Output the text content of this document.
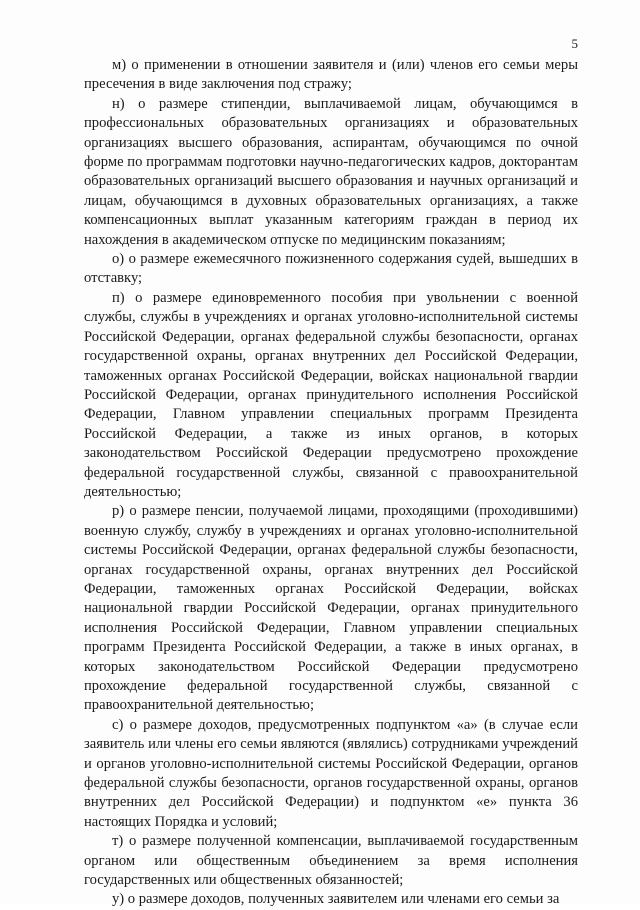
5

м) о применении в отношении заявителя и (или) членов его семьи меры пресечения в виде заключения под стражу;

н) о размере стипендии, выплачиваемой лицам, обучающимся в профессиональных образовательных организациях и образовательных организациях высшего образования, аспирантам, обучающимся по очной форме по программам подготовки научно-педагогических кадров, докторантам образовательных организаций высшего образования и научных организаций и лицам, обучающимся в духовных образовательных организациях, а также компенсационных выплат указанным категориям граждан в период их нахождения в академическом отпуске по медицинским показаниям;

о) о размере ежемесячного пожизненного содержания судей, вышедших в отставку;

п) о размере единовременного пособия при увольнении с военной службы, службы в учреждениях и органах уголовно-исполнительной системы Российской Федерации, органах федеральной службы безопасности, органах государственной охраны, органах внутренних дел Российской Федерации, таможенных органах Российской Федерации, войсках национальной гвардии Российской Федерации, органах принудительного исполнения Российской Федерации, Главном управлении специальных программ Президента Российской Федерации, а также из иных органов, в которых законодательством Российской Федерации предусмотрено прохождение федеральной государственной службы, связанной с правоохранительной деятельностью;

р) о размере пенсии, получаемой лицами, проходящими (проходившими) военную службу, службу в учреждениях и органах уголовно-исполнительной системы Российской Федерации, органах федеральной службы безопасности, органах государственной охраны, органах внутренних дел Российской Федерации, таможенных органах Российской Федерации, войсках национальной гвардии Российской Федерации, органах принудительного исполнения Российской Федерации, Главном управлении специальных программ Президента Российской Федерации, а также в иных органах, в которых законодательством Российской Федерации предусмотрено прохождение федеральной государственной службы, связанной с правоохранительной деятельностью;

с) о размере доходов, предусмотренных подпунктом «а» (в случае если заявитель или члены его семьи являются (являлись) сотрудниками учреждений и органов уголовно-исполнительной системы Российской Федерации, органов федеральной службы безопасности, органов государственной охраны, органов внутренних дел Российской Федерации) и подпунктом «е» пункта 36 настоящих Порядка и условий;

т) о размере полученной компенсации, выплачиваемой государственным органом или общественным объединением за время исполнения государственных или общественных обязанностей;

у) о размере доходов, полученных заявителем или членами его семьи за
